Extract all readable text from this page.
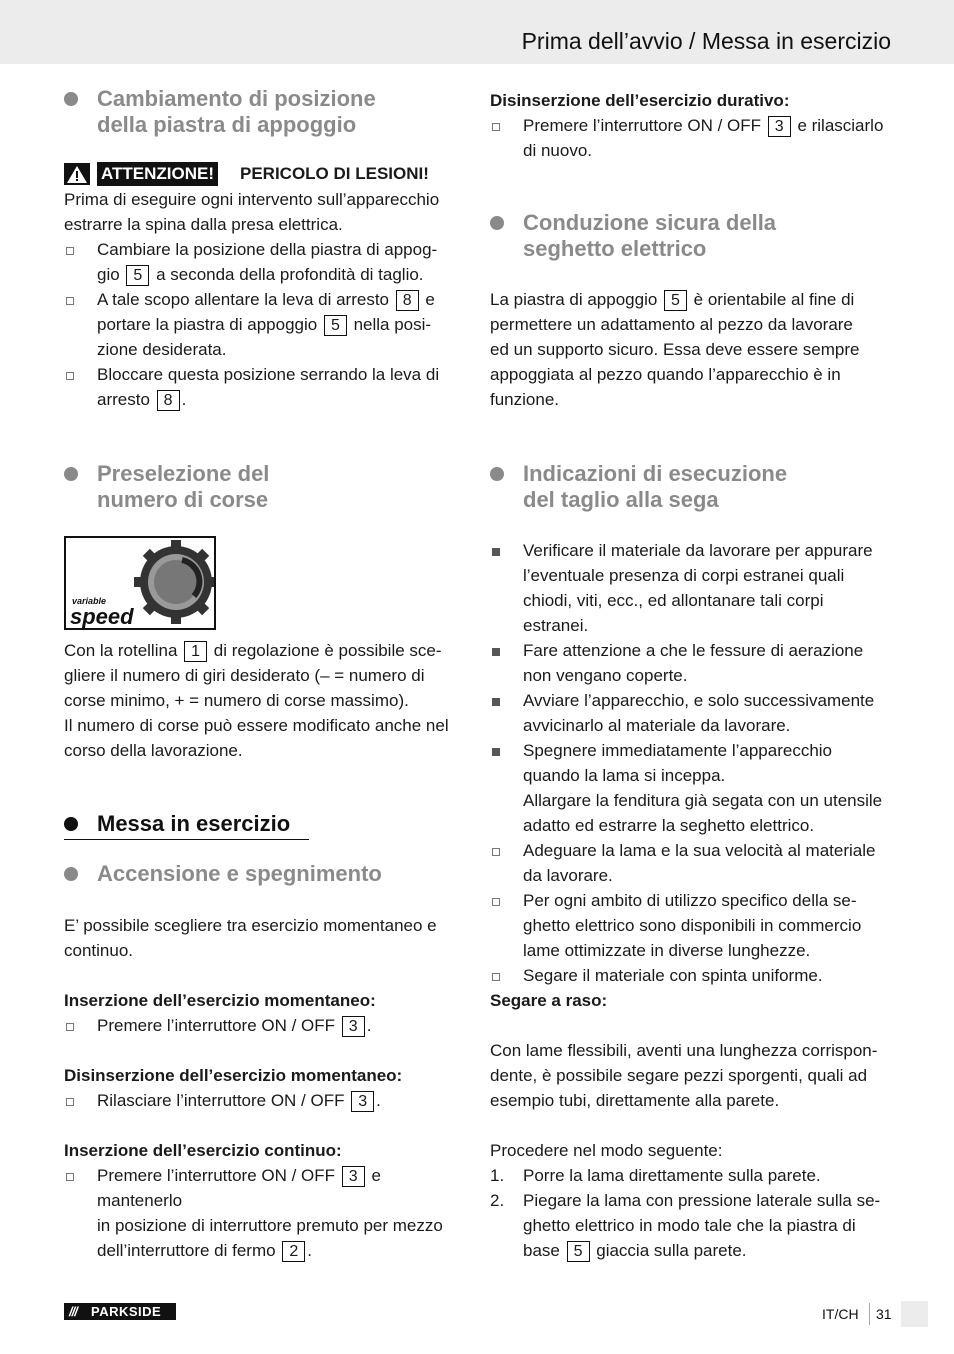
Prima dell’avvio / Messa in esercizio
Cambiamento di posizione
della piastra di appoggio
ATTENZIONE! PERICOLO DI LESIONI!
Prima di eseguire ogni intervento sull’apparecchio
estrarre la spina dalla presa elettrica.
Cambiare la posizione della piastra di appog-
gio 5 a seconda della profondità di taglio.
A tale scopo allentare la leva di arresto 8 e
portare la piastra di appoggio 5 nella posi-
zione desiderata.
Bloccare questa posizione serrando la leva di
arresto 8 .
Preselezione del
numero di corse
variable
speed
Con la rotellina 1 di regolazione è possibile sce-
gliere il numero di giri desiderato (– = numero di
corse minimo, + = numero di corse massimo).
Il numero di corse può essere modificato anche nel
corso della lavorazione.
Messa in esercizio
Accensione e spegnimento
E’ possibile scegliere tra esercizio momentaneo e
continuo.
Inserzione dell’esercizio momentaneo:
Premere l’interruttore ON / OFF 3 .
Disinserzione dell’esercizio momentaneo:
Rilasciare l’interruttore ON / OFF 3 .
Inserzione dell’esercizio continuo:
Premere l’interruttore ON / OFF 3 e mantenerlo
in posizione di interruttore premuto per mezzo
dell’interruttore di fermo 2 .
Disinserzione dell’esercizio durativo:
Premere l’interruttore ON / OFF 3 e rilasciarlo
di nuovo.
Conduzione sicura della
seghetto elettrico
La piastra di appoggio 5 è orientabile al fine di
permettere un adattamento al pezzo da lavorare
ed un supporto sicuro. Essa deve essere sempre
appoggiata al pezzo quando l’apparecchio è in
funzione.
Indicazioni di esecuzione
del taglio alla sega
Verificare il materiale da lavorare per appurare
l’eventuale presenza di corpi estranei quali
chiodi, viti, ecc., ed allontanare tali corpi estranei.
Fare attenzione a che le fessure di aerazione
non vengano coperte.
Avviare l’apparecchio, e solo successivamente
avvicinarlo al materiale da lavorare.
Spegnere immediatamente l’apparecchio
quando la lama si inceppa.
Allargare la fenditura già segata con un utensile
adatto ed estrarre la seghetto elettrico.
Adeguare la lama e la sua velocità al materiale
da lavorare.
Per ogni ambito di utilizzo specifico della se-
ghetto elettrico sono disponibili in commercio
lame ottimizzate in diverse lunghezze.
Segare il materiale con spinta uniforme.
Segare a raso:
Con lame flessibili, aventi una lunghezza corrispon-
dente, è possibile segare pezzi sporgenti, quali ad
esempio tubi, direttamente alla parete.
Procedere nel modo seguente:
1. Porre la lama direttamente sulla parete.
2. Piegare la lama con pressione laterale sulla se-
ghetto elettrico in modo tale che la piastra di
base 5 giaccia sulla parete.
/// PARKSIDE	IT/CH 31
